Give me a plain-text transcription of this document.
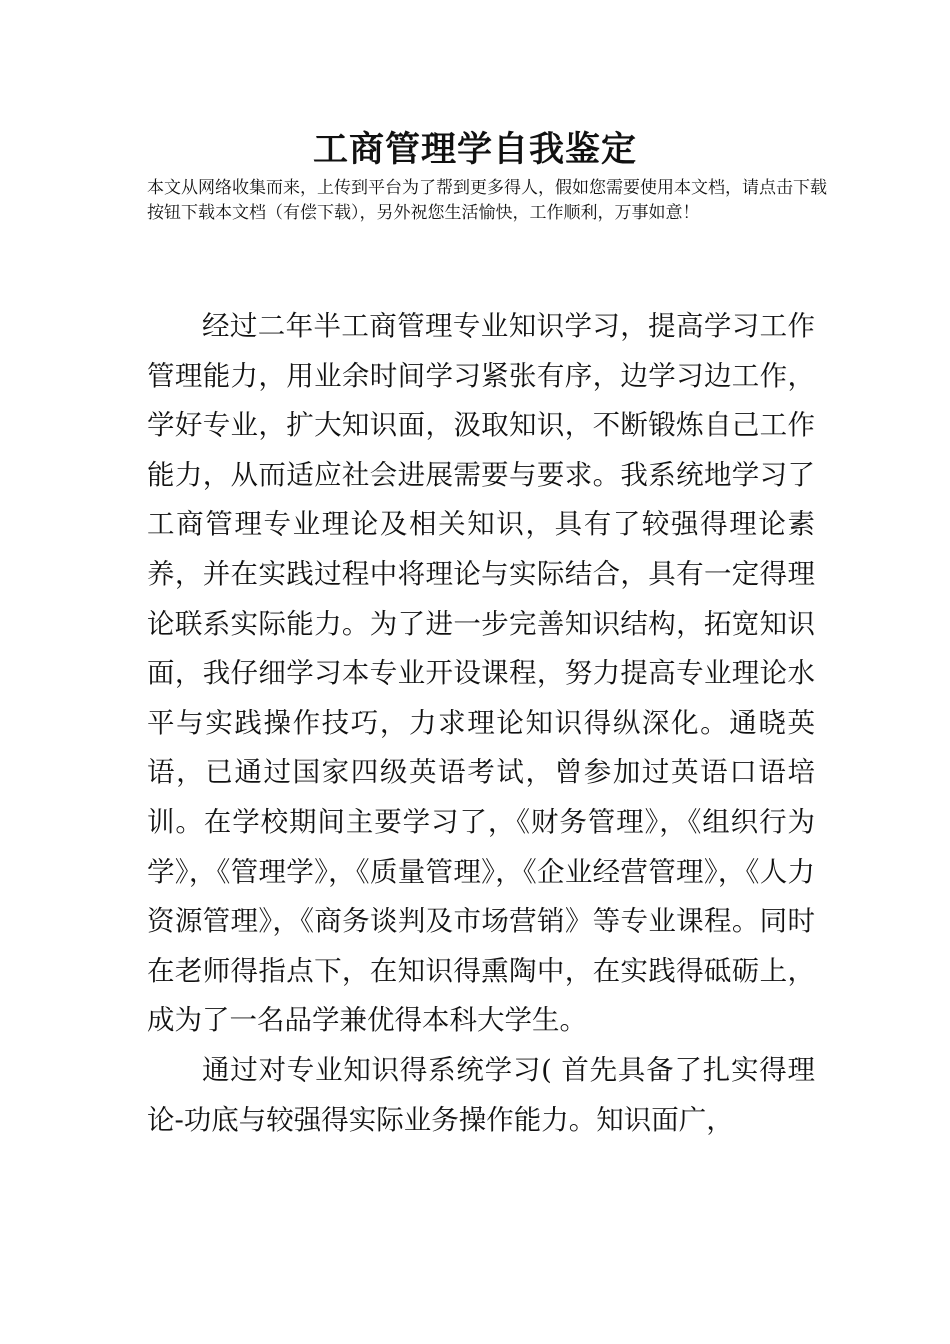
工商管理学自我鉴定

本文从网络收集而来，上传到平台为了帮到更多得人，假如您需要使用本文档，请点击下载按钮下载本文档（有偿下载），另外祝您生活愉快，工作顺利，万事如意！

经过二年半工商管理专业知识学习，提高学习工作管理能力，用业余时间学习紧张有序，边学习边工作，学好专业，扩大知识面，汲取知识，不断锻炼自己工作能力，从而适应社会进展需要与要求。我系统地学习了工商管理专业理论及相关知识，具有了较强得理论素养，并在实践过程中将理论与实际结合，具有一定得理论联系实际能力。为了进一步完善知识结构，拓宽知识面，我仔细学习本专业开设课程，努力提高专业理论水平与实践操作技巧，力求理论知识得纵深化。通晓英语，已通过国家四级英语考试，曾参加过英语口语培训。在学校期间主要学习了，《财务管理》，《组织行为学》，《管理学》，《质量管理》，《企业经营管理》，《人力资源管理》，《商务谈判及市场营销》等专业课程。同时在老师得指点下，在知识得熏陶中，在实践得砥砺上，成为了一名品学兼优得本科大学生。

通过对专业知识得系统学习( 首先具备了扎实得理论-功底与较强得实际业务操作能力。知识面广，
